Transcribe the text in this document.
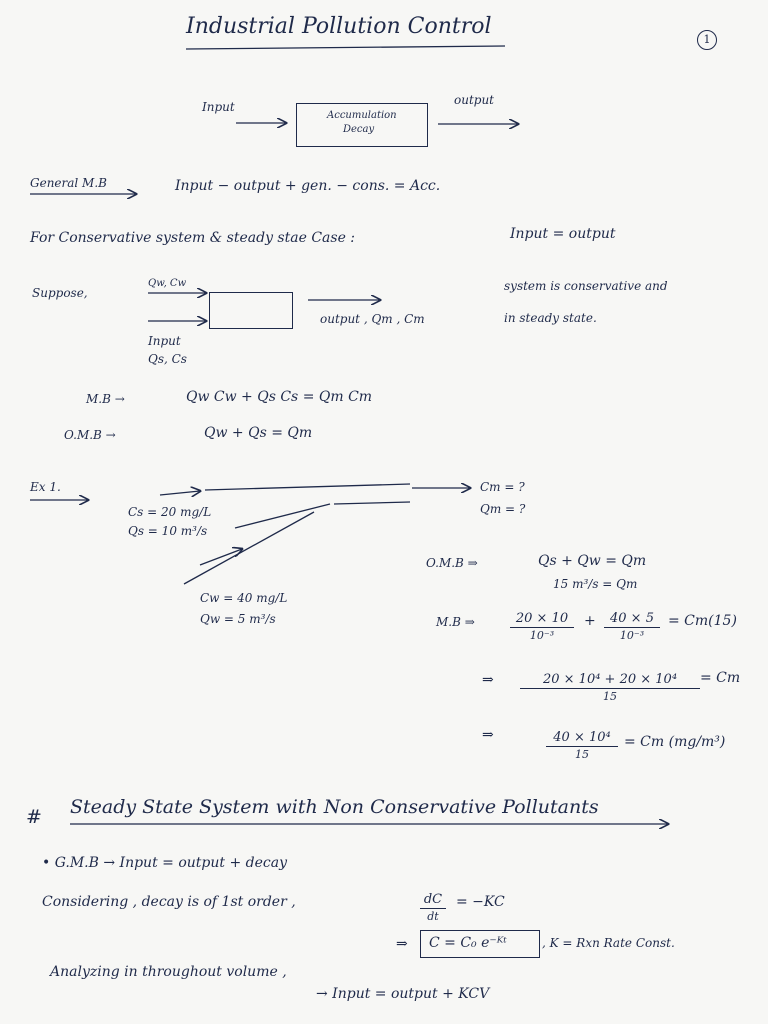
Industrial Pollution Control
1
Input
Accumulation
Decay
output
General M.B	Input − output + gen. − cons. = Acc.
For Conservative system & steady stae Case :	Input = output
Suppose,
Qw, Cw
Input
Qs, Cs
output , Qm , Cm
system is conservative and
in steady state.
M.B →	Qw Cw + Qs Cs = Qm Cm
O.M.B →	Qw + Qs = Qm
Ex 1.
Cs = 20 mg/L
Qs = 10 m³/s
Cw = 40 mg/L
Qw = 5 m³/s
Cm = ?
Qm = ?
O.M.B ⇒	Qs + Qw = Qm
15 m³/s = Qm
M.B ⇒	20 × 10
10⁻³
+	40 × 5
10⁻³
= Cm(15)
⇒	20 × 10⁴ + 20 × 10⁴
15
= Cm
⇒	40 × 10⁴
15
= Cm (mg/m³)
# Steady State System with Non Conservative Pollutants
• G.M.B → Input = output + decay
Considering , decay is of 1st order ,	dC
dt
= −KC
⇒ C = C₀ e⁻ᴷᵗ	, K = Rxn Rate Const.
Analyzing in throughout volume ,
→ Input = output + KCV
